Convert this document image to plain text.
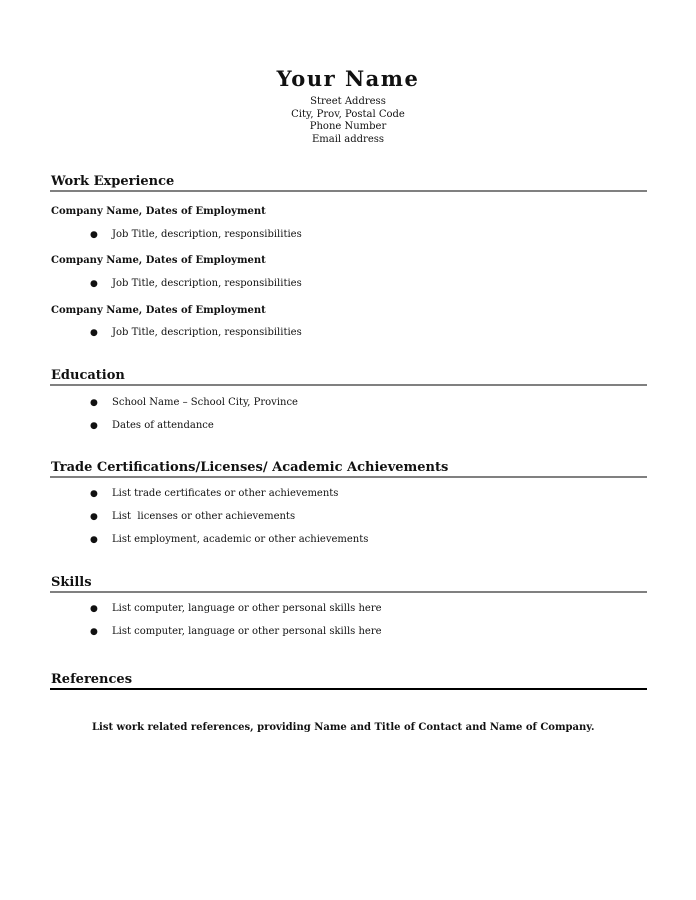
Your Name
Street Address
City, Prov, Postal Code
Phone Number
Email address
Work Experience
Company Name, Dates of Employment
● Job Title, description, responsibilities
Company Name, Dates of Employment
● Job Title, description, responsibilities
Company Name, Dates of Employment
● Job Title, description, responsibilities
Education
● School Name – School City, Province
● Dates of attendance
Trade Certifications/Licenses/ Academic Achievements
● List trade certificates or other achievements
● List  licenses or other achievements
● List employment, academic or other achievements
Skills
● List computer, language or other personal skills here
● List computer, language or other personal skills here
References
List work related references, providing Name and Title of Contact and Name of Company.
